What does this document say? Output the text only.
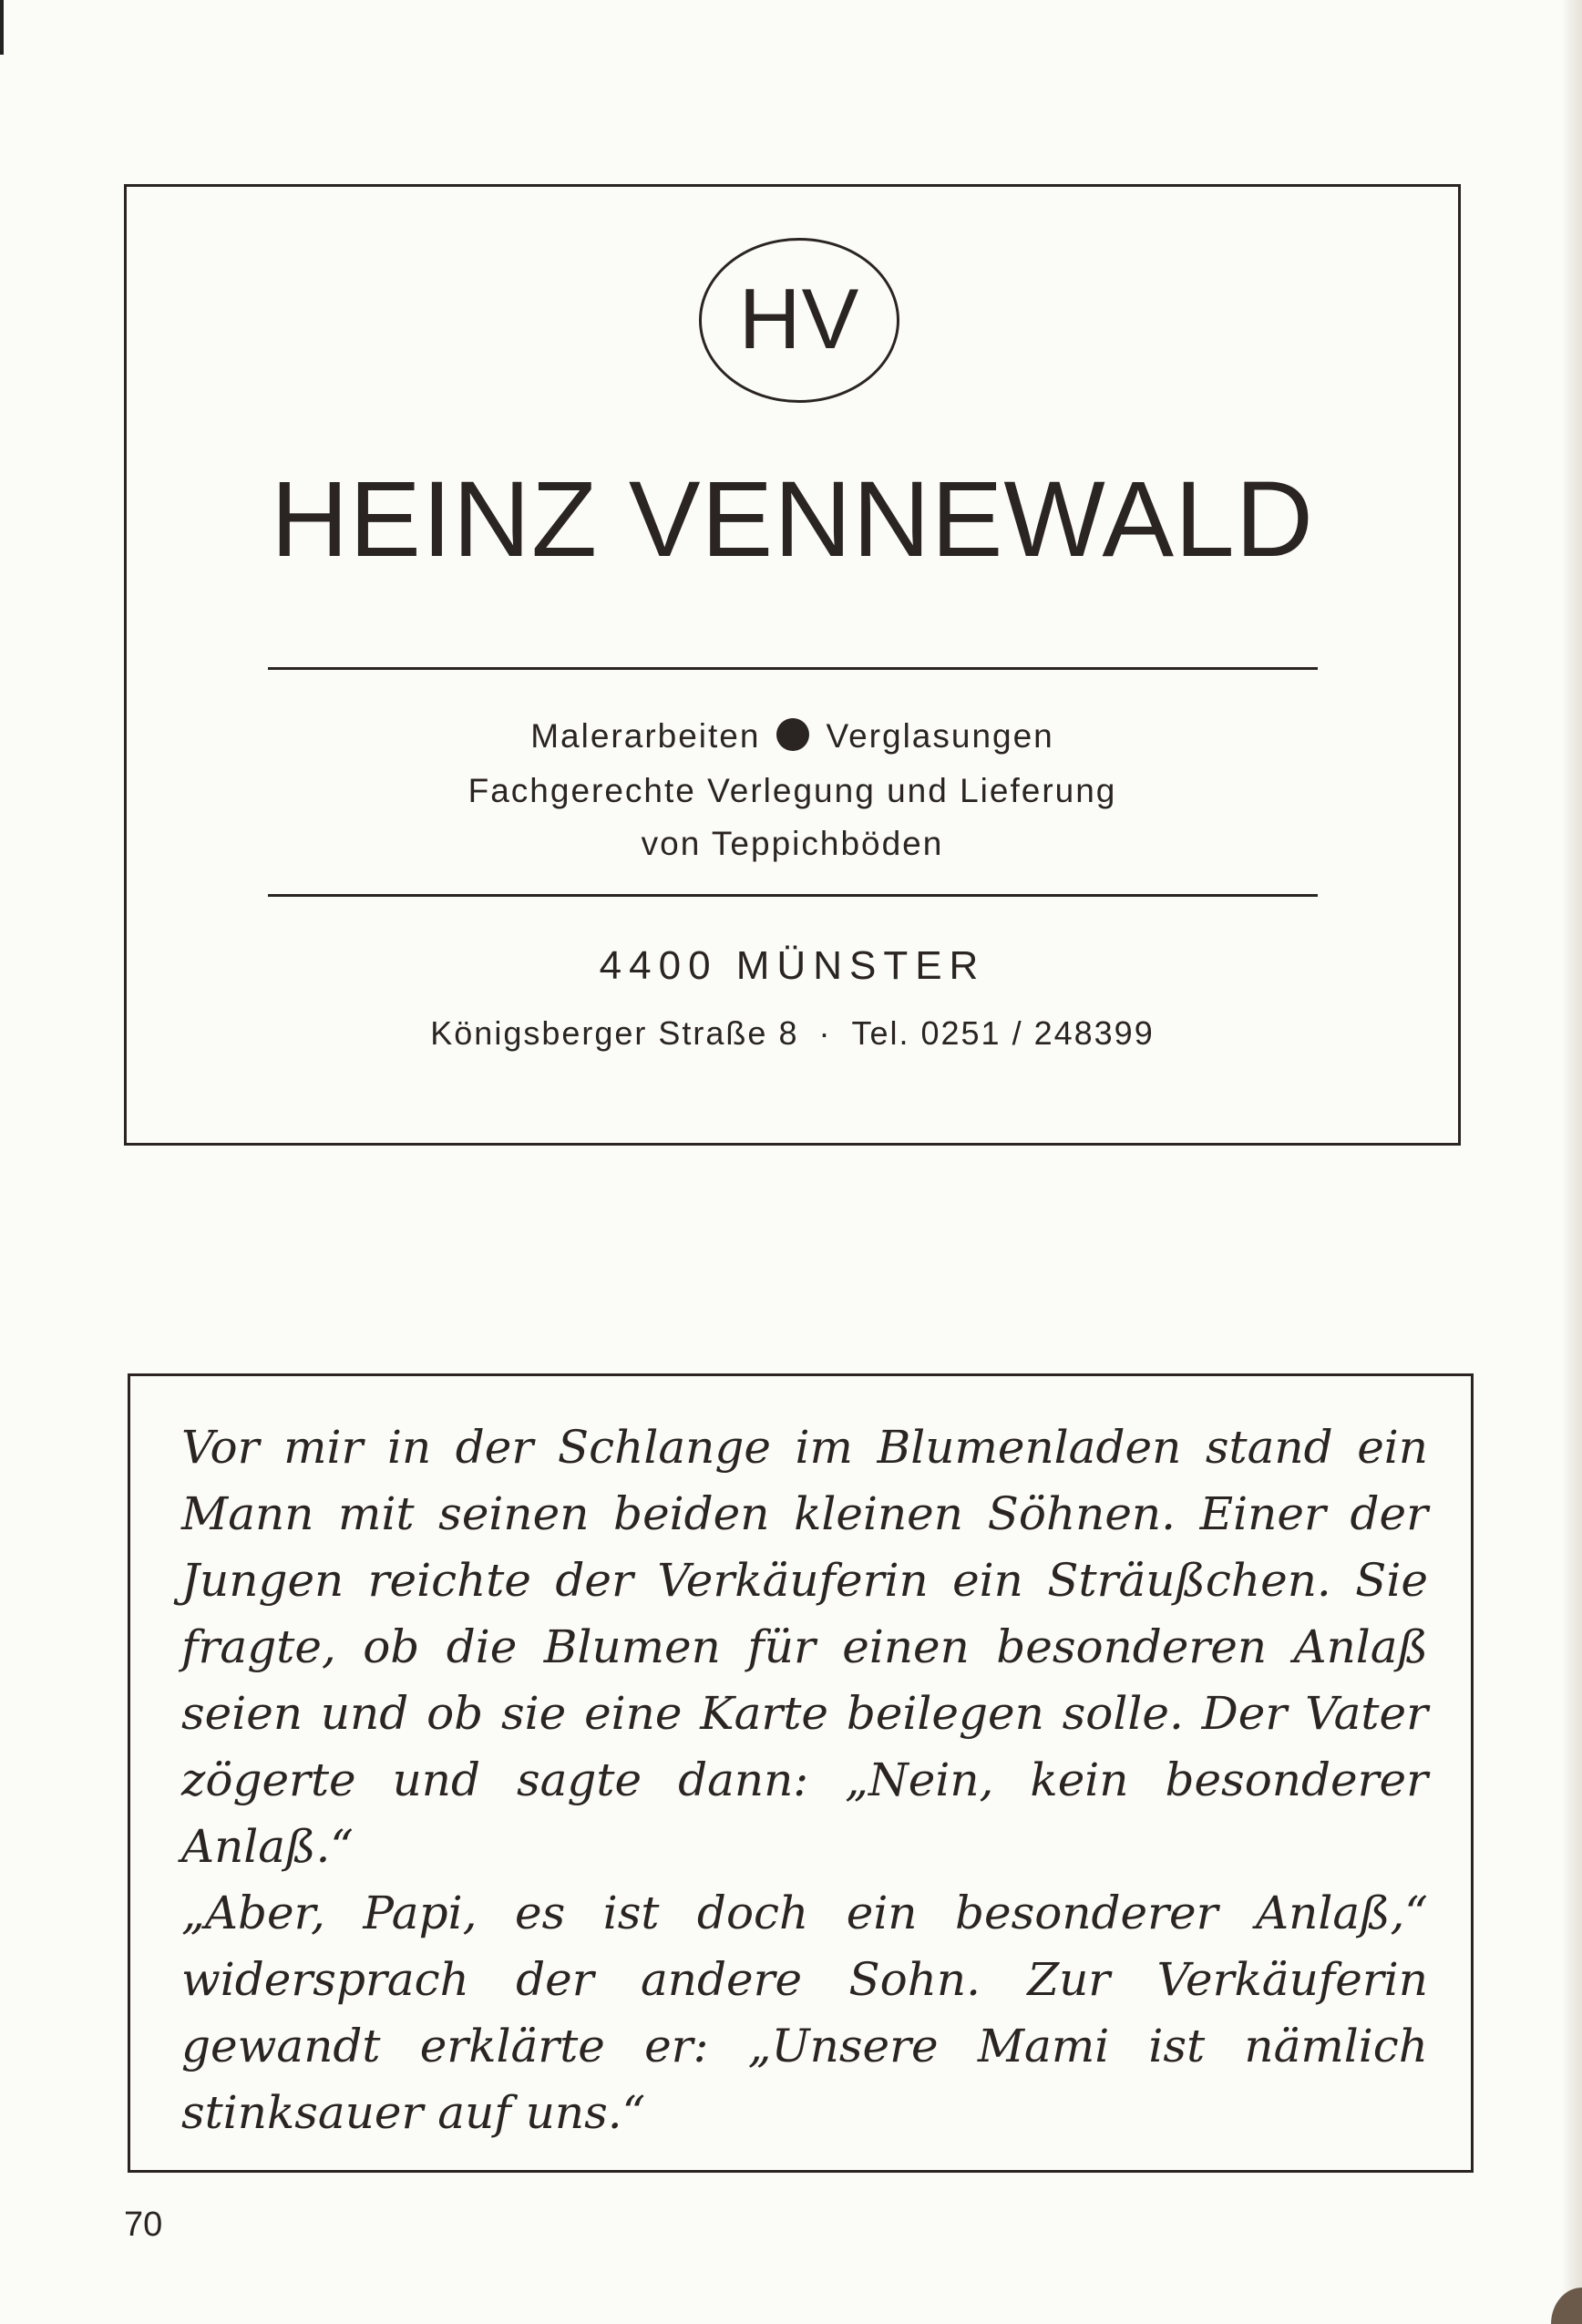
HV
HEINZ VENNEWALD
Malerarbeiten Verglasungen
Fachgerechte Verlegung und Lieferung
von Teppichböden
4400 MÜNSTER
Königsberger Straße 8 · Tel. 0251 / 248399

Vor mir in der Schlange im Blumenladen stand ein Mann mit seinen beiden kleinen Söhnen. Einer der Jungen reichte der Verkäuferin ein Sträußchen. Sie fragte, ob die Blumen für einen besonderen Anlaß seien und ob sie eine Karte beilegen solle. Der Vater zögerte und sagte dann: „Nein, kein besonderer Anlaß.“
„Aber, Papi, es ist doch ein besonderer Anlaß,“ widersprach der andere Sohn. Zur Verkäuferin gewandt erklärte er: „Unsere Mami ist nämlich stinksauer auf uns.“

70
